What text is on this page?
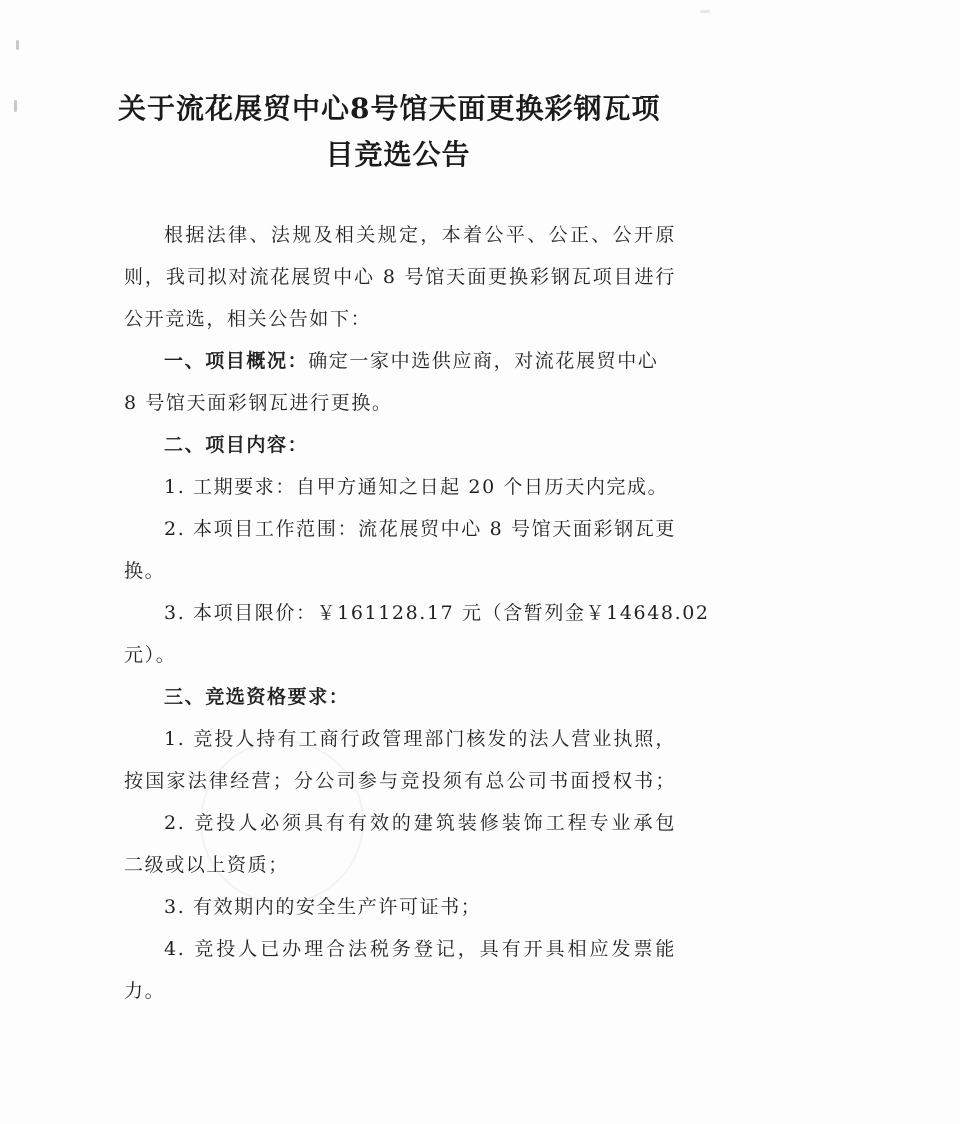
关于流花展贸中心8号馆天面更换彩钢瓦项
目竞选公告
根据法律、法规及相关规定，本着公平、公正、公开原
则，我司拟对流花展贸中心 8 号馆天面更换彩钢瓦项目进行
公开竞选，相关公告如下：
一、项目概况：确定一家中选供应商，对流花展贸中心
8 号馆天面彩钢瓦进行更换。
二、项目内容：
1. 工期要求：自甲方通知之日起 20 个日历天内完成。
2. 本项目工作范围：流花展贸中心 8 号馆天面彩钢瓦更
换。
3. 本项目限价：￥161128.17 元（含暂列金￥14648.02
元）。
三、竞选资格要求：
1. 竞投人持有工商行政管理部门核发的法人营业执照，
按国家法律经营；分公司参与竞投须有总公司书面授权书；
2. 竞投人必须具有有效的建筑装修装饰工程专业承包
二级或以上资质；
3. 有效期内的安全生产许可证书；
4. 竞投人已办理合法税务登记，具有开具相应发票能
力。
